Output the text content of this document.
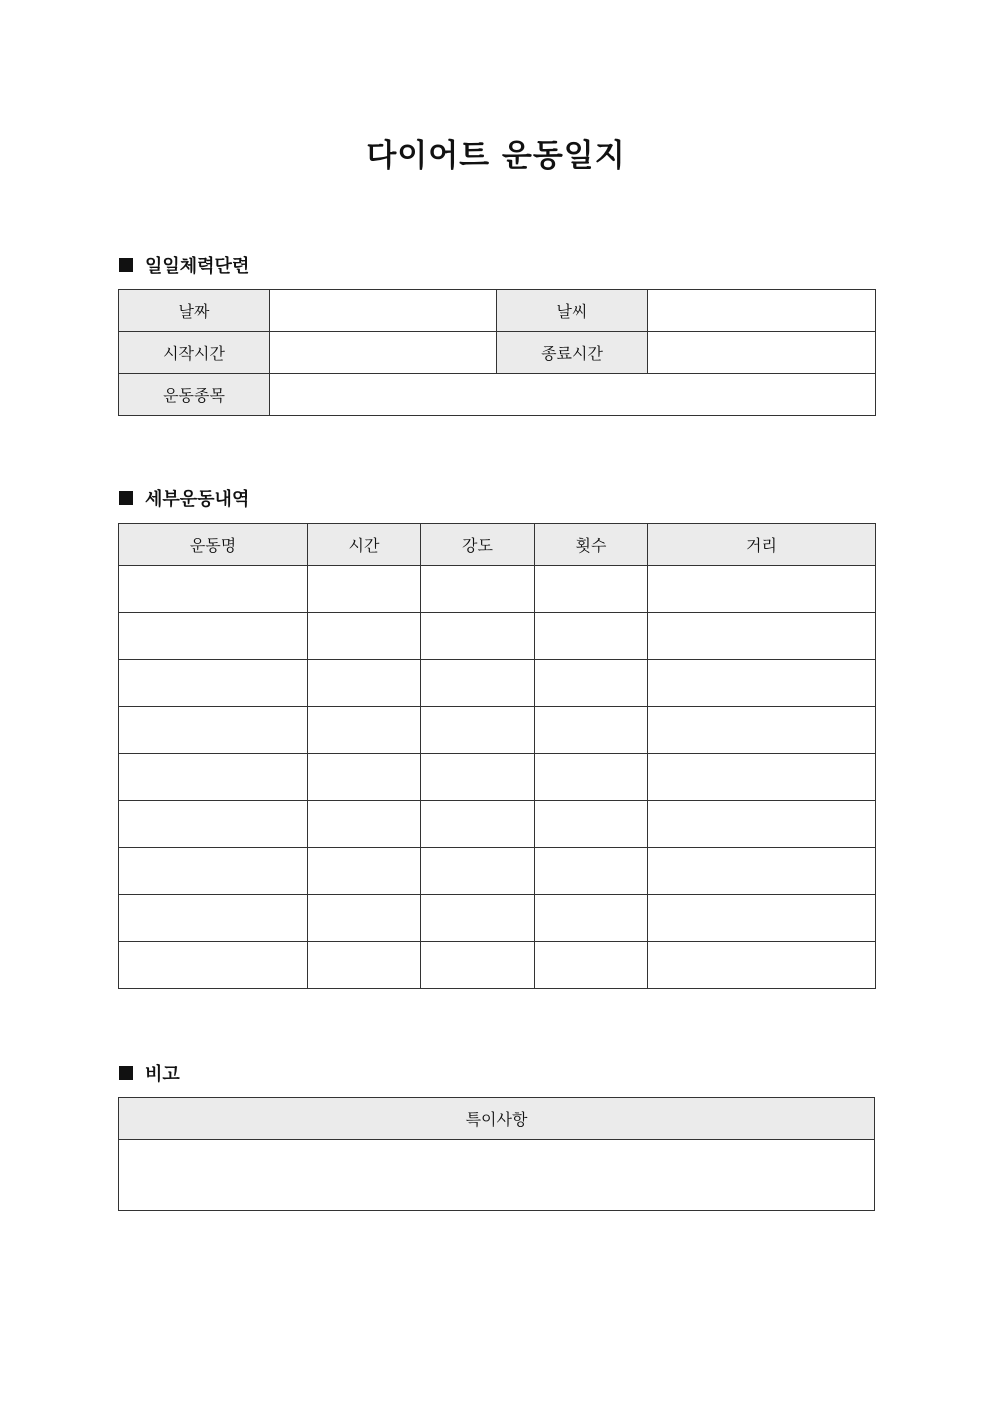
다이어트 운동일지
일일체력단련
날짜		날씨	
시작시간		종료시간	
운동종목			
세부운동내역
운동명	시간	강도	횟수	거리

비고
특이사항
